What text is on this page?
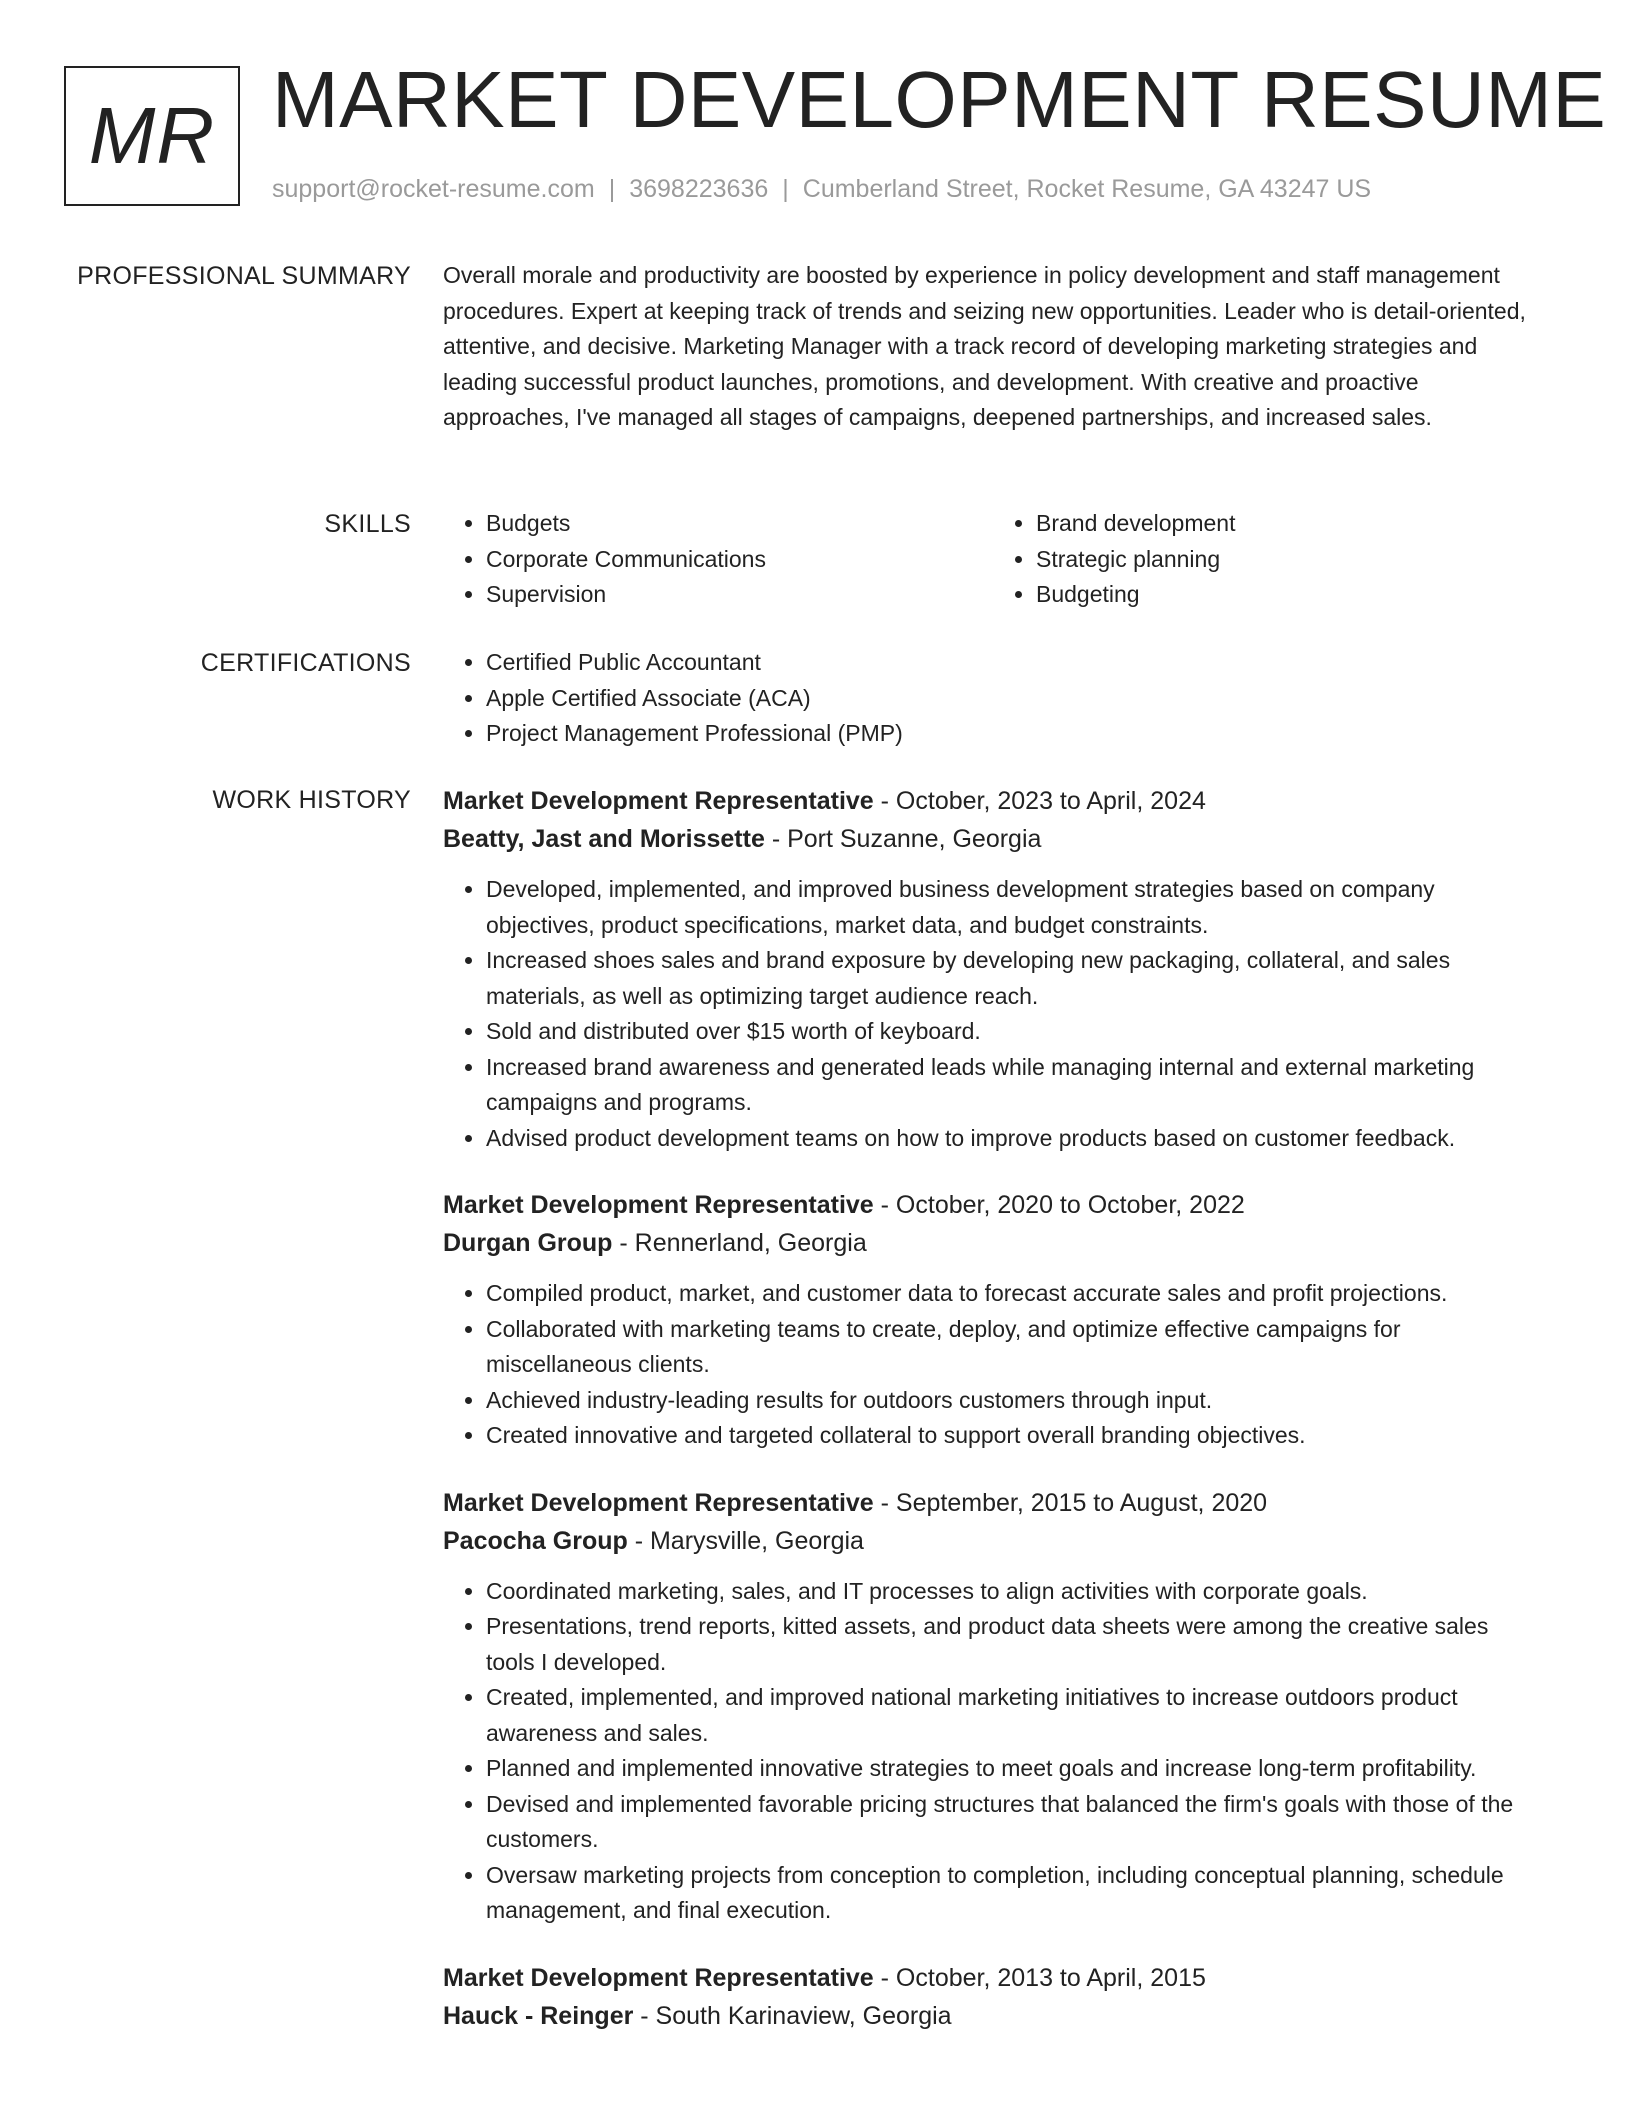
MR MARKET DEVELOPMENT RESUME
support@rocket-resume.com | 3698223636 | Cumberland Street, Rocket Resume, GA 43247 US
PROFESSIONAL SUMMARY Overall morale and productivity are boosted by experience in policy development and staff management procedures. Expert at keeping track of trends and seizing new opportunities. Leader who is detail-oriented, attentive, and decisive. Marketing Manager with a track record of developing marketing strategies and leading successful product launches, promotions, and development. With creative and proactive approaches, I've managed all stages of campaigns, deepened partnerships, and increased sales.
SKILLS	• Budgets
• Corporate Communications
• Supervision
• Brand development
• Strategic planning
• Budgeting
CERTIFICATIONS	• Certified Public Accountant
• Apple Certified Associate (ACA)
• Project Management Professional (PMP)
WORK HISTORY Market Development Representative - October, 2023 to April, 2024
Beatty, Jast and Morissette - Port Suzanne, Georgia
• Developed, implemented, and improved business development strategies based on company objectives, product specifications, market data, and budget constraints.
• Increased shoes sales and brand exposure by developing new packaging, collateral, and sales materials, as well as optimizing target audience reach.
• Sold and distributed over $15 worth of keyboard.
• Increased brand awareness and generated leads while managing internal and external marketing campaigns and programs.
• Advised product development teams on how to improve products based on customer feedback.
Market Development Representative - October, 2020 to October, 2022
Durgan Group - Rennerland, Georgia
• Compiled product, market, and customer data to forecast accurate sales and profit projections.
• Collaborated with marketing teams to create, deploy, and optimize effective campaigns for miscellaneous clients.
• Achieved industry-leading results for outdoors customers through input.
• Created innovative and targeted collateral to support overall branding objectives.
Market Development Representative - September, 2015 to August, 2020
Pacocha Group - Marysville, Georgia
• Coordinated marketing, sales, and IT processes to align activities with corporate goals.
• Presentations, trend reports, kitted assets, and product data sheets were among the creative sales tools I developed.
• Created, implemented, and improved national marketing initiatives to increase outdoors product awareness and sales.
• Planned and implemented innovative strategies to meet goals and increase long-term profitability.
• Devised and implemented favorable pricing structures that balanced the firm's goals with those of the customers.
• Oversaw marketing projects from conception to completion, including conceptual planning, schedule management, and final execution.
Market Development Representative - October, 2013 to April, 2015
Hauck - Reinger - South Karinaview, Georgia
